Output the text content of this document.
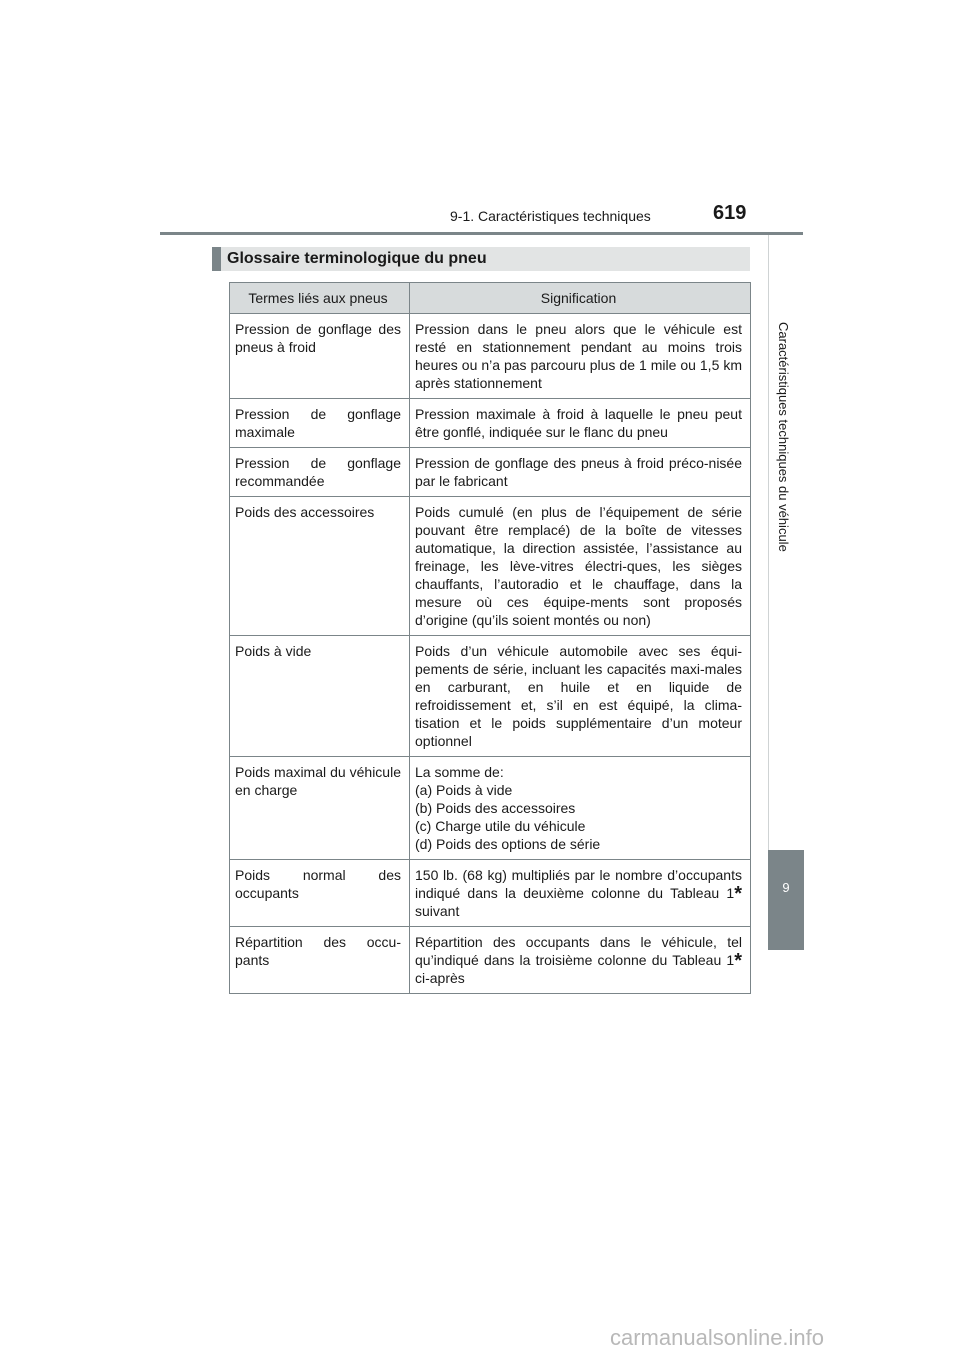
9-1. Caractéristiques techniques	619
Caractéristiques techniques du véhicule
9
Glossaire terminologique du pneu
Termes liés aux pneus	Signification
Pression de gonflage des pneus à froid	Pression dans le pneu alors que le véhicule est resté en stationnement pendant au moins trois heures ou n’a pas parcouru plus de 1 mile ou 1,5 km après stationnement
Pression de gonflage maximale	Pression maximale à froid à laquelle le pneu peut être gonflé, indiquée sur le flanc du pneu
Pression de gonflage recommandée	Pression de gonflage des pneus à froid préco-nisée par le fabricant
Poids des accessoires	Poids cumulé (en plus de l’équipement de série pouvant être remplacé) de la boîte de vitesses automatique, la direction assistée, l’assistance au freinage, les lève-vitres électri-ques, les sièges chauffants, l’autoradio et le chauffage, dans la mesure où ces équipe-ments sont proposés d’origine (qu’ils soient montés ou non)
Poids à vide	Poids d’un véhicule automobile avec ses équi-pements de série, incluant les capacités maxi-males en carburant, en huile et en liquide de refroidissement et, s’il en est équipé, la clima-tisation et le poids supplémentaire d’un moteur optionnel
Poids maximal du véhicule en charge	La somme de:
(a) Poids à vide
(b) Poids des accessoires
(c) Charge utile du véhicule
(d) Poids des options de série

Poids normal des occupants	150 lb. (68 kg) multipliés par le nombre d’occupants indiqué dans la deuxième colonne du Tableau 1* suivant
Répartition des occu-pants	Répartition des occupants dans le véhicule, tel qu’indiqué dans la troisième colonne du Tableau 1* ci-après
carmanualsonline.info
